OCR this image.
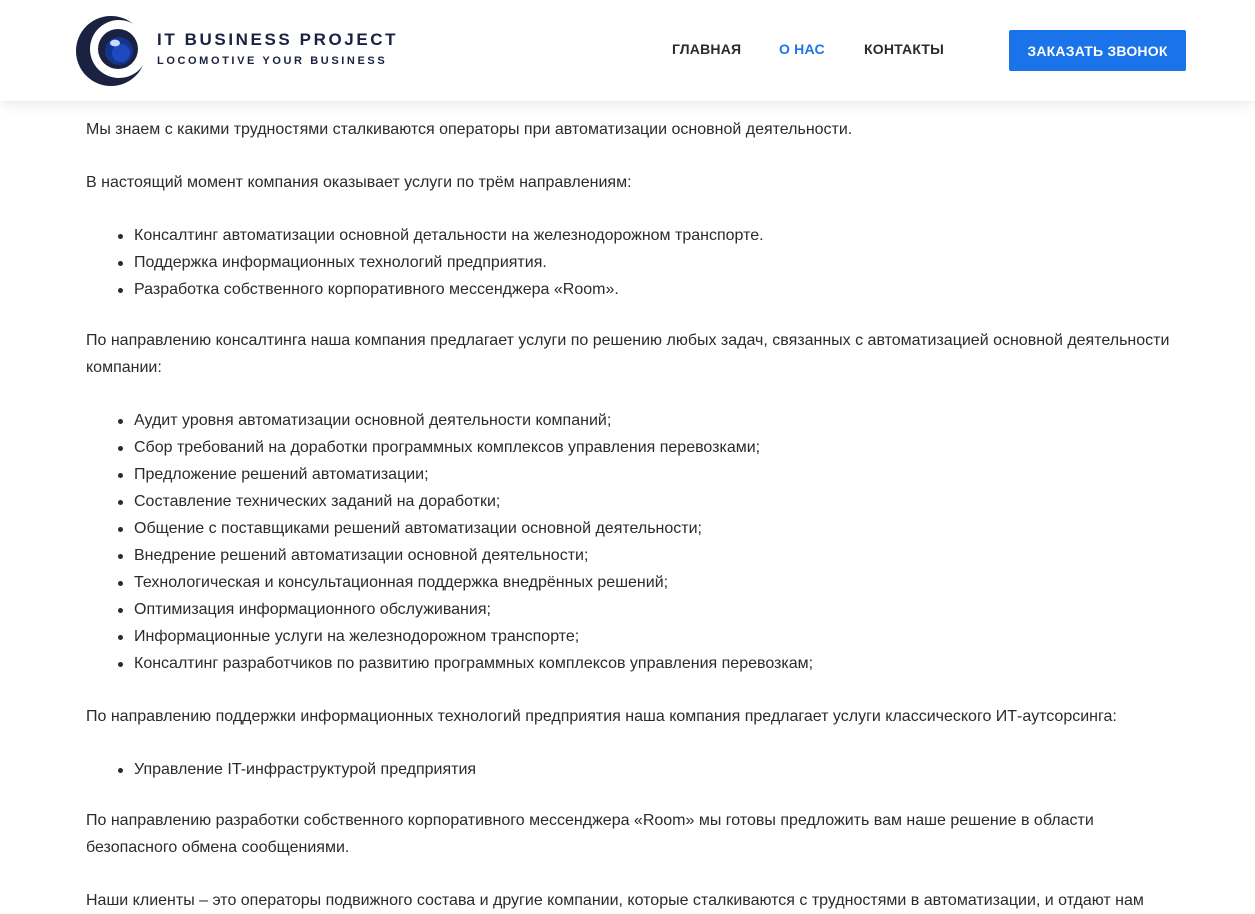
IT BUSINESS PROJECT
LOCOMOTIVE YOUR BUSINESS
ГЛАВНАЯ	О НАС	КОНТАКТЫ	ЗАКАЗАТЬ ЗВОНОК

Мы знаем с какими трудностями сталкиваются операторы при автоматизации основной деятельности.

В настоящий момент компания оказывает услуги по трём направлениям:

Консалтинг автоматизации основной детальности на железнодорожном транспорте.
Поддержка информационных технологий предприятия.
Разработка собственного корпоративного мессенджера «Room».

По направлению консалтинга наша компания предлагает услуги по решению любых задач, связанных с автоматизацией основной деятельности компании:

Аудит уровня автоматизации основной деятельности компаний;
Сбор требований на доработки программных комплексов управления перевозками;
Предложение решений автоматизации;
Составление технических заданий на доработки;
Общение с поставщиками решений автоматизации основной деятельности;
Внедрение решений автоматизации основной деятельности;
Технологическая и консультационная поддержка внедрённых решений;
Оптимизация информационного обслуживания;
Информационные услуги на железнодорожном транспорте;
Консалтинг разработчиков по развитию программных комплексов управления перевозкам;

По направлению поддержки информационных технологий предприятия наша компания предлагает услуги классического ИТ-аутсорсинга:

Управление IT-инфраструктурой предприятия

По направлению разработки собственного корпоративного мессенджера «Room» мы готовы предложить вам наше решение в области безопасного обмена сообщениями.

Наши клиенты – это операторы подвижного состава и другие компании, которые сталкиваются с трудностями в автоматизации, и отдают нам
